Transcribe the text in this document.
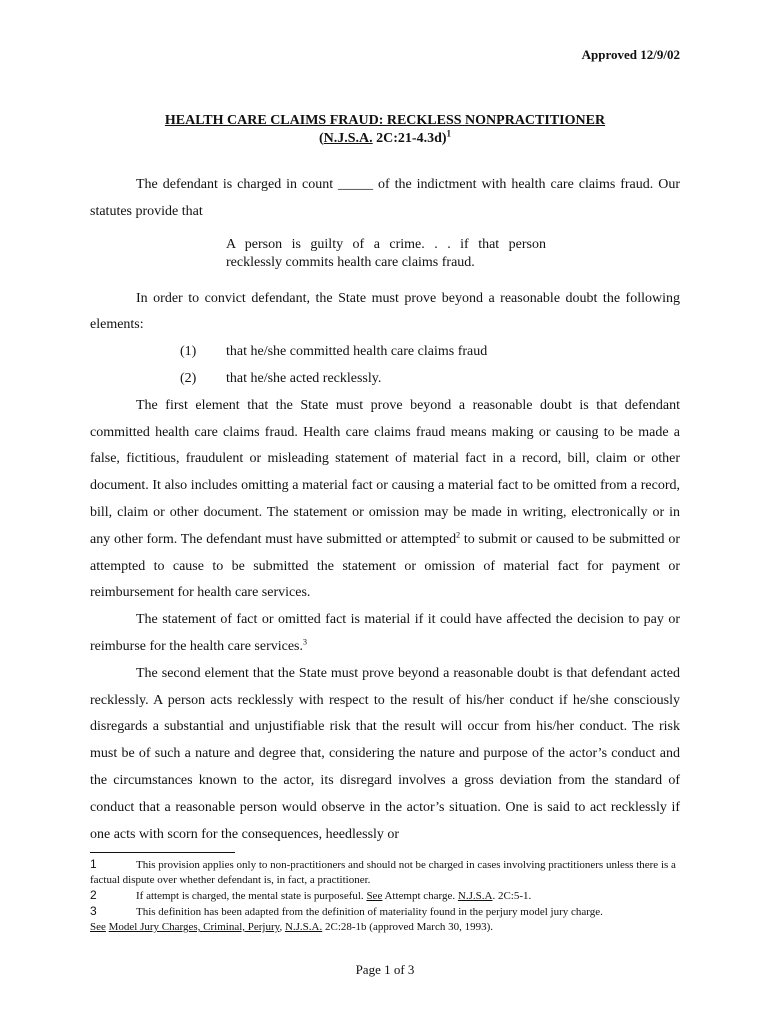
Approved 12/9/02
HEALTH CARE CLAIMS FRAUD: RECKLESS NONPRACTITIONER
(N.J.S.A. 2C:21-4.3d)$^1$

The defendant is charged in count _____ of the indictment with health care claims fraud. Our statutes provide that

A person is guilty of a crime. . . if that person
recklessly commits health care claims fraud.

In order to convict defendant, the State must prove beyond a reasonable doubt the following elements:

(1)	that he/she committed health care claims fraud
(2)	that he/she acted recklessly.

The first element that the State must prove beyond a reasonable doubt is that defendant committed health care claims fraud. Health care claims fraud means making or causing to be made a false, fictitious, fraudulent or misleading statement of material fact in a record, bill, claim or other document. It also includes omitting a material fact or causing a material fact to be omitted from a record, bill, claim or other document. The statement or omission may be made in writing, electronically or in any other form. The defendant must have submitted or attempted$^2$ to submit or caused to be submitted or attempted to cause to be submitted the statement or omission of material fact for payment or reimbursement for health care services.

The statement of fact or omitted fact is material if it could have affected the decision to pay or reimburse for the health care services.$^3$

The second element that the State must prove beyond a reasonable doubt is that defendant acted recklessly. A person acts recklessly with respect to the result of his/her conduct if he/she consciously disregards a substantial and unjustifiable risk that the result will occur from his/her conduct. The risk must be of such a nature and degree that, considering the nature and purpose of the actor’s conduct and the circumstances known to the actor, its disregard involves a gross deviation from the standard of conduct that a reasonable person would observe in the actor’s situation. One is said to act recklessly if one acts with scorn for the consequences, heedlessly or

1	This provision applies only to non-practitioners and should not be charged in cases involving practitioners unless there is a factual dispute over whether defendant is, in fact, a practitioner.
2	If attempt is charged, the mental state is purposeful. See Attempt charge. N.J.S.A. 2C:5-1.
3	This definition has been adapted from the definition of materiality found in the perjury model jury charge.
See Model Jury Charges, Criminal, Perjury, N.J.S.A. 2C:28-1b (approved March 30, 1993).
Page 1 of 3
